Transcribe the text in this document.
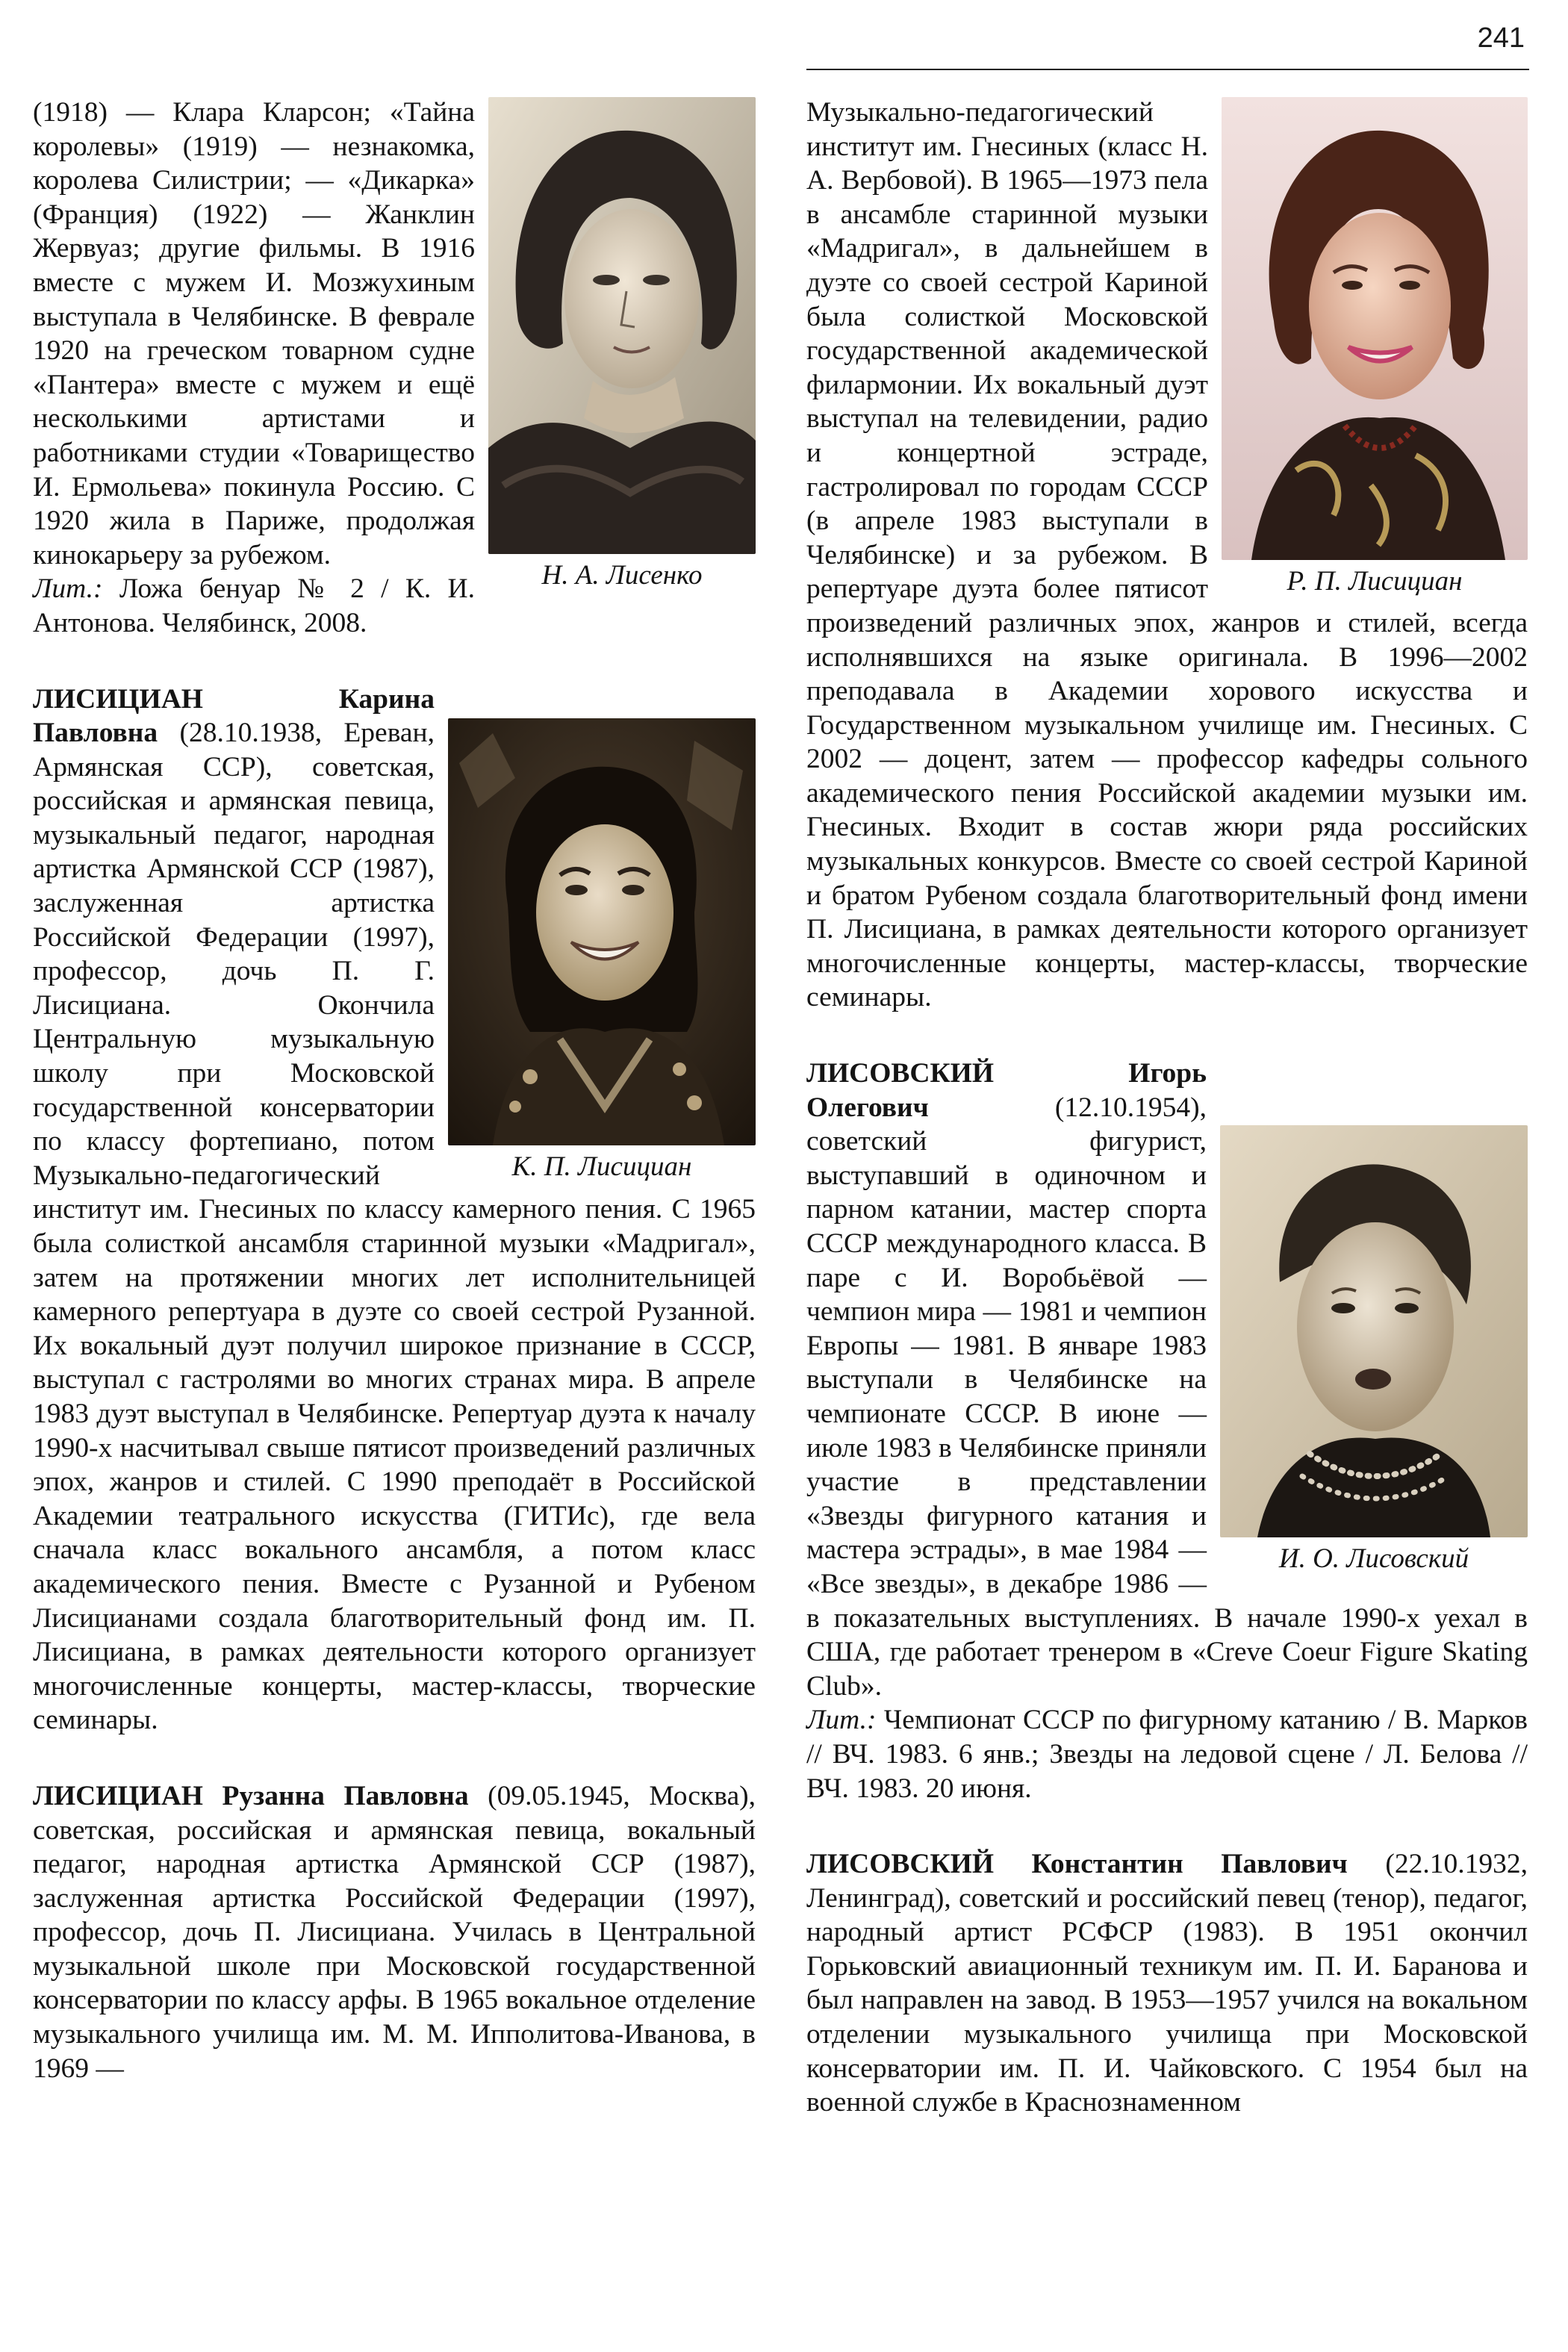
241
Н. А. Лисенко
(1918) — Клара Кларсон; «Тайна королевы» (1919) — незнакомка, королева Силистрии; — «Дикарка» (Франция) (1922) — Жанклин Жервуаз; другие фильмы. В 1916 вместе с мужем И. Мозжухиным выступала в Челябинске. В феврале 1920 на греческом товарном судне «Пантера» вместе с мужем и ещё несколькими артистами и работниками студии «Товарищество И. Ермольева» покинула Россию. С 1920 жила в Париже, продолжая кинокарьеру за рубежом.
Лит.: Ложа бенуар № 2 / К. И. Антонова. Челябинск, 2008.
К. П. Лисициан
ЛИСИЦИАН Карина Павловна (28.10.1938, Ереван, Армянская ССР), советская, российская и армянская певица, музыкальный педагог, народная артистка Армянской ССР (1987), заслуженная артистка Российской Федерации (1997), профессор, дочь П. Г. Лисициана. Окончила Центральную музыкальную школу при Московской государственной консерватории по классу фортепиано, потом Музыкально-педагогический институт им. Гнесиных по классу камерного пения. С 1965 была солисткой ансамбля старинной музыки «Мадригал», затем на протяжении многих лет исполнительницей камерного репертуара в дуэте со своей сестрой Рузанной. Их вокальный дуэт получил широкое признание в СССР, выступал с гастролями во многих странах мира. В апреле 1983 дуэт выступал в Челябинске. Репертуар дуэта к началу 1990-х насчитывал свыше пятисот произведений различных эпох, жанров и стилей. С 1990 преподаёт в Российской Академии театрального искусства (ГИТИс), где вела сначала класс вокального ансамбля, а потом класс академического пения. Вместе с Рузанной и Рубеном Лисицианами создала благотворительный фонд им. П. Лисициана, в рамках деятельности которого организует многочисленные концерты, мастер-классы, творческие семинары.
ЛИСИЦИАН Рузанна Павловна (09.05.1945, Москва), советская, российская и армянская певица, вокальный педагог, народная артистка Армянской ССР (1987), заслуженная артистка Российской Федерации (1997), профессор, дочь П. Лисициана. Училась в Центральной музыкальной школе при Московской государственной консерватории по классу арфы. В 1965 вокальное отделение музыкального училища им. М. М. Ипполитова-Иванова, в 1969 —
Р. П. Лисициан
Музыкально-педагогический институт им. Гнесиных (класс Н. А. Вербовой). В 1965—1973 пела в ансамбле старинной музыки «Мадригал», в дальнейшем в дуэте со своей сестрой Кариной была солисткой Московской государственной академической филармонии. Их вокальный дуэт выступал на телевидении, радио и концертной эстраде, гастролировал по городам СССР (в апреле 1983 выступали в Челябинске) и за рубежом. В репертуаре дуэта более пятисот произведений различных эпох, жанров и стилей, всегда исполнявшихся на языке оригинала. В 1996—2002 преподавала в Академии хорового искусства и Государственном музыкальном училище им. Гнесиных. С 2002 — доцент, затем — профессор кафедры сольного академического пения Российской академии музыки им. Гнесиных. Входит в состав жюри ряда российских музыкальных конкурсов. Вместе со своей сестрой Кариной и братом Рубеном создала благотворительный фонд имени П. Лисициана, в рамках деятельности которого организует многочисленные концерты, мастер-классы, творческие семинары.
И. О. Лисовский
ЛИСОВСКИЙ Игорь Олегович (12.10.1954), советский фигурист, выступавший в одиночном и парном катании, мастер спорта СССР международного класса. В паре с И. Воробьёвой — чемпион мира — 1981 и чемпион Европы — 1981. В январе 1983 выступали в Челябинске на чемпионате СССР. В июне — июле 1983 в Челябинске приняли участие в представлении «Звезды фигурного катания и мастера эстрады», в мае 1984 — «Все звезды», в декабре 1986 — в показательных выступлениях. В начале 1990-х уехал в США, где работает тренером в «Creve Coeur Figure Skating Club».
Лит.: Чемпионат СССР по фигурному катанию / В. Марков // ВЧ. 1983. 6 янв.; Звезды на ледовой сцене / Л. Белова // ВЧ. 1983. 20 июня.
ЛИСОВСКИЙ Константин Павлович (22.10.1932, Ленинград), советский и российский певец (тенор), педагог, народный артист РСФСР (1983). В 1951 окончил Горьковский авиационный техникум им. П. И. Баранова и был направлен на завод. В 1953—1957 учился на вокальном отделении музыкального училища при Московской консерватории им. П. И. Чайковского. С 1954 был на военной службе в Краснознаменном
